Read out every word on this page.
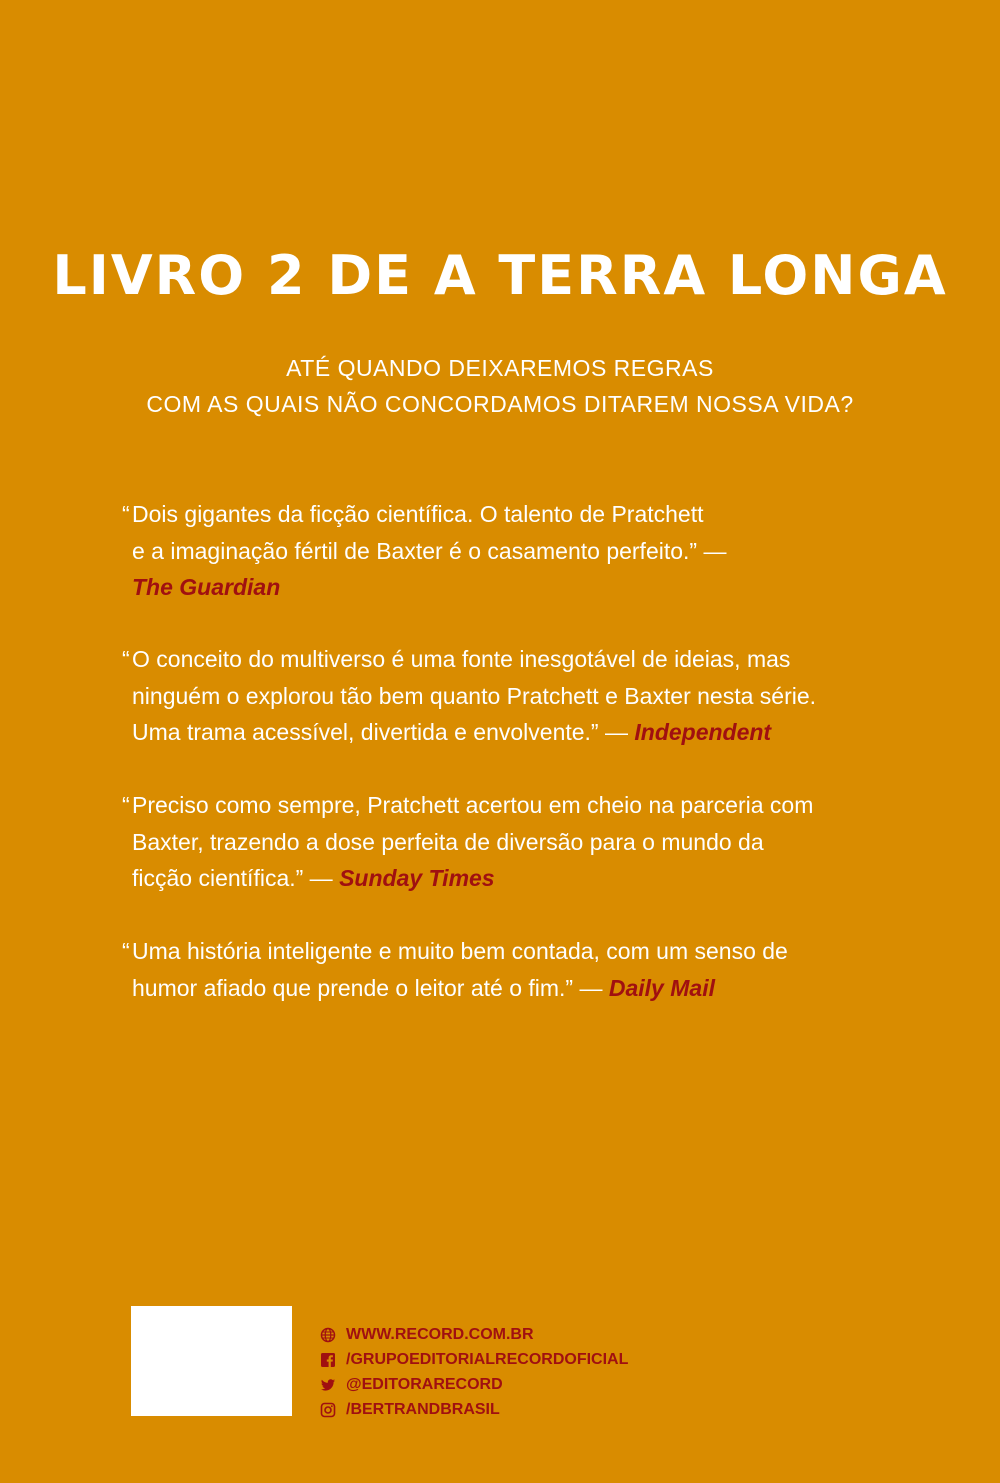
LIVRO 2 DE A TERRA LONGA
ATÉ QUANDO DEIXAREMOS REGRAS
COM AS QUAIS NÃO CONCORDAMOS DITAREM NOSSA VIDA?
“ Dois gigantes da ficção científica. O talento de Pratchett
e a imaginação fértil de Baxter é o casamento perfeito.” —
The Guardian
“ O conceito do multiverso é uma fonte inesgotável de ideias, mas
ninguém o explorou tão bem quanto Pratchett e Baxter nesta série.
Uma trama acessível, divertida e envolvente.” — Independent
“ Preciso como sempre, Pratchett acertou em cheio na parceria com
Baxter, trazendo a dose perfeita de diversão para o mundo da
ficção científica.” — Sunday Times
“ Uma história inteligente e muito bem contada, com um senso de
humor afiado que prende o leitor até o fim.” — Daily Mail
WWW.RECORD.COM.BR
/GRUPOEDITORIALRECORDOFICIAL
@EDITORARECORD
/BERTRANDBRASIL
